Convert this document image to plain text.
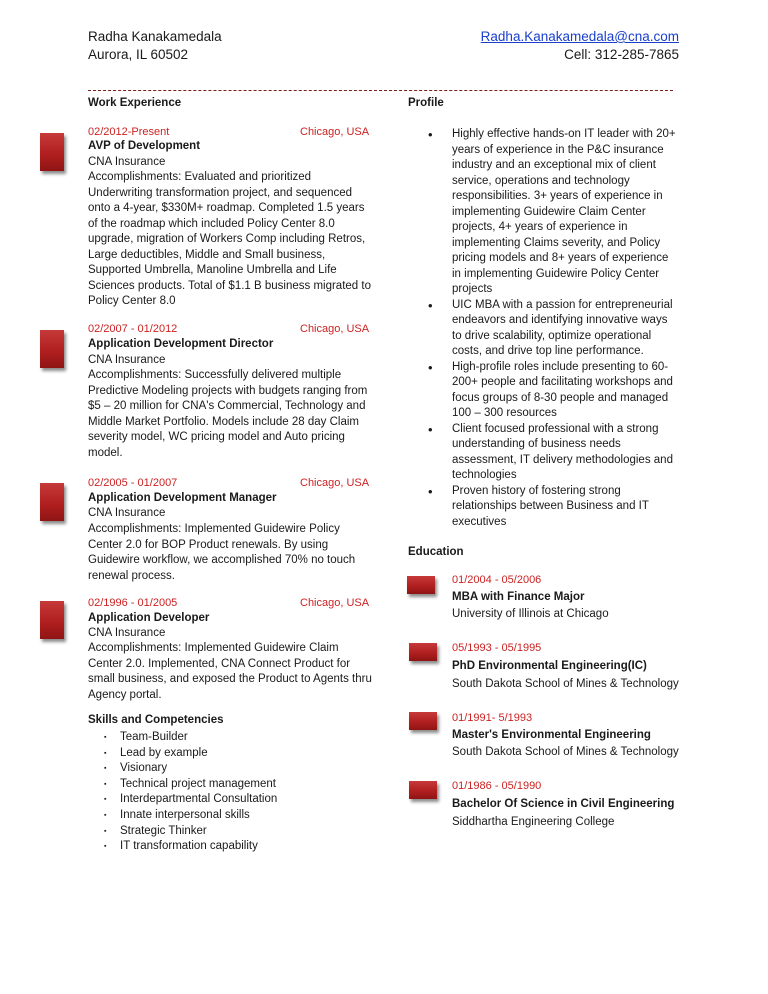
Radha Kanakamedala
Aurora, IL 60502
Radha.Kanakamedala@cna.com
Cell: 312-285-7865
Work Experience
02/2012-Present	Chicago, USA
AVP of Development
CNA Insurance
Accomplishments: Evaluated and prioritized Underwriting transformation project, and sequenced onto a 4-year, $330M+ roadmap. Completed 1.5 years of the roadmap which included Policy Center 8.0 upgrade, migration of Workers Comp including Retros, Large deductibles, Middle and Small business, Supported Umbrella, Manoline Umbrella and Life Sciences products. Total of $1.1 B business migrated to Policy Center 8.0
02/2007 - 01/2012	Chicago, USA
Application Development Director
CNA Insurance
Accomplishments: Successfully delivered multiple Predictive Modeling projects with budgets ranging from $5 – 20 million for CNA's Commercial, Technology and Middle Market Portfolio. Models include 28 day Claim severity model, WC pricing model and Auto pricing model.
02/2005 - 01/2007	Chicago, USA
Application Development Manager
CNA Insurance
Accomplishments: Implemented Guidewire Policy Center 2.0 for BOP Product renewals. By using Guidewire workflow, we accomplished 70% no touch renewal process.
02/1996 - 01/2005	Chicago, USA
Application Developer
CNA Insurance
Accomplishments: Implemented Guidewire Claim Center 2.0. Implemented, CNA Connect Product for small business, and exposed the Product to Agents thru Agency portal.
Skills and Competencies
▪ Team-Builder
▪ Lead by example
▪ Visionary
▪ Technical project management
▪ Interdepartmental Consultation
▪ Innate interpersonal skills
▪ Strategic Thinker
▪ IT transformation capability
Profile
• Highly effective hands-on IT leader with 20+ years of experience in the P&C insurance industry and an exceptional mix of client service, operations and technology responsibilities. 3+ years of experience in implementing Guidewire Claim Center projects, 4+ years of experience in implementing Claims severity, and Policy pricing models and 8+ years of experience in implementing Guidewire Policy Center projects
• UIC MBA with a passion for entrepreneurial endeavors and identifying innovative ways to drive scalability, optimize operational costs, and drive top line performance.
• High-profile roles include presenting to 60-200+ people and facilitating workshops and focus groups of 8-30 people and managed 100 – 300 resources
• Client focused professional with a strong understanding of business needs assessment, IT delivery methodologies and technologies
• Proven history of fostering strong relationships between Business and IT executives
Education
01/2004 - 05/2006
MBA with Finance Major
University of Illinois at Chicago
05/1993 - 05/1995
PhD Environmental Engineering(IC)
South Dakota School of Mines & Technology
01/1991- 5/1993
Master's Environmental Engineering
South Dakota School of Mines & Technology
01/1986 - 05/1990
Bachelor Of Science in Civil Engineering
Siddhartha Engineering College
